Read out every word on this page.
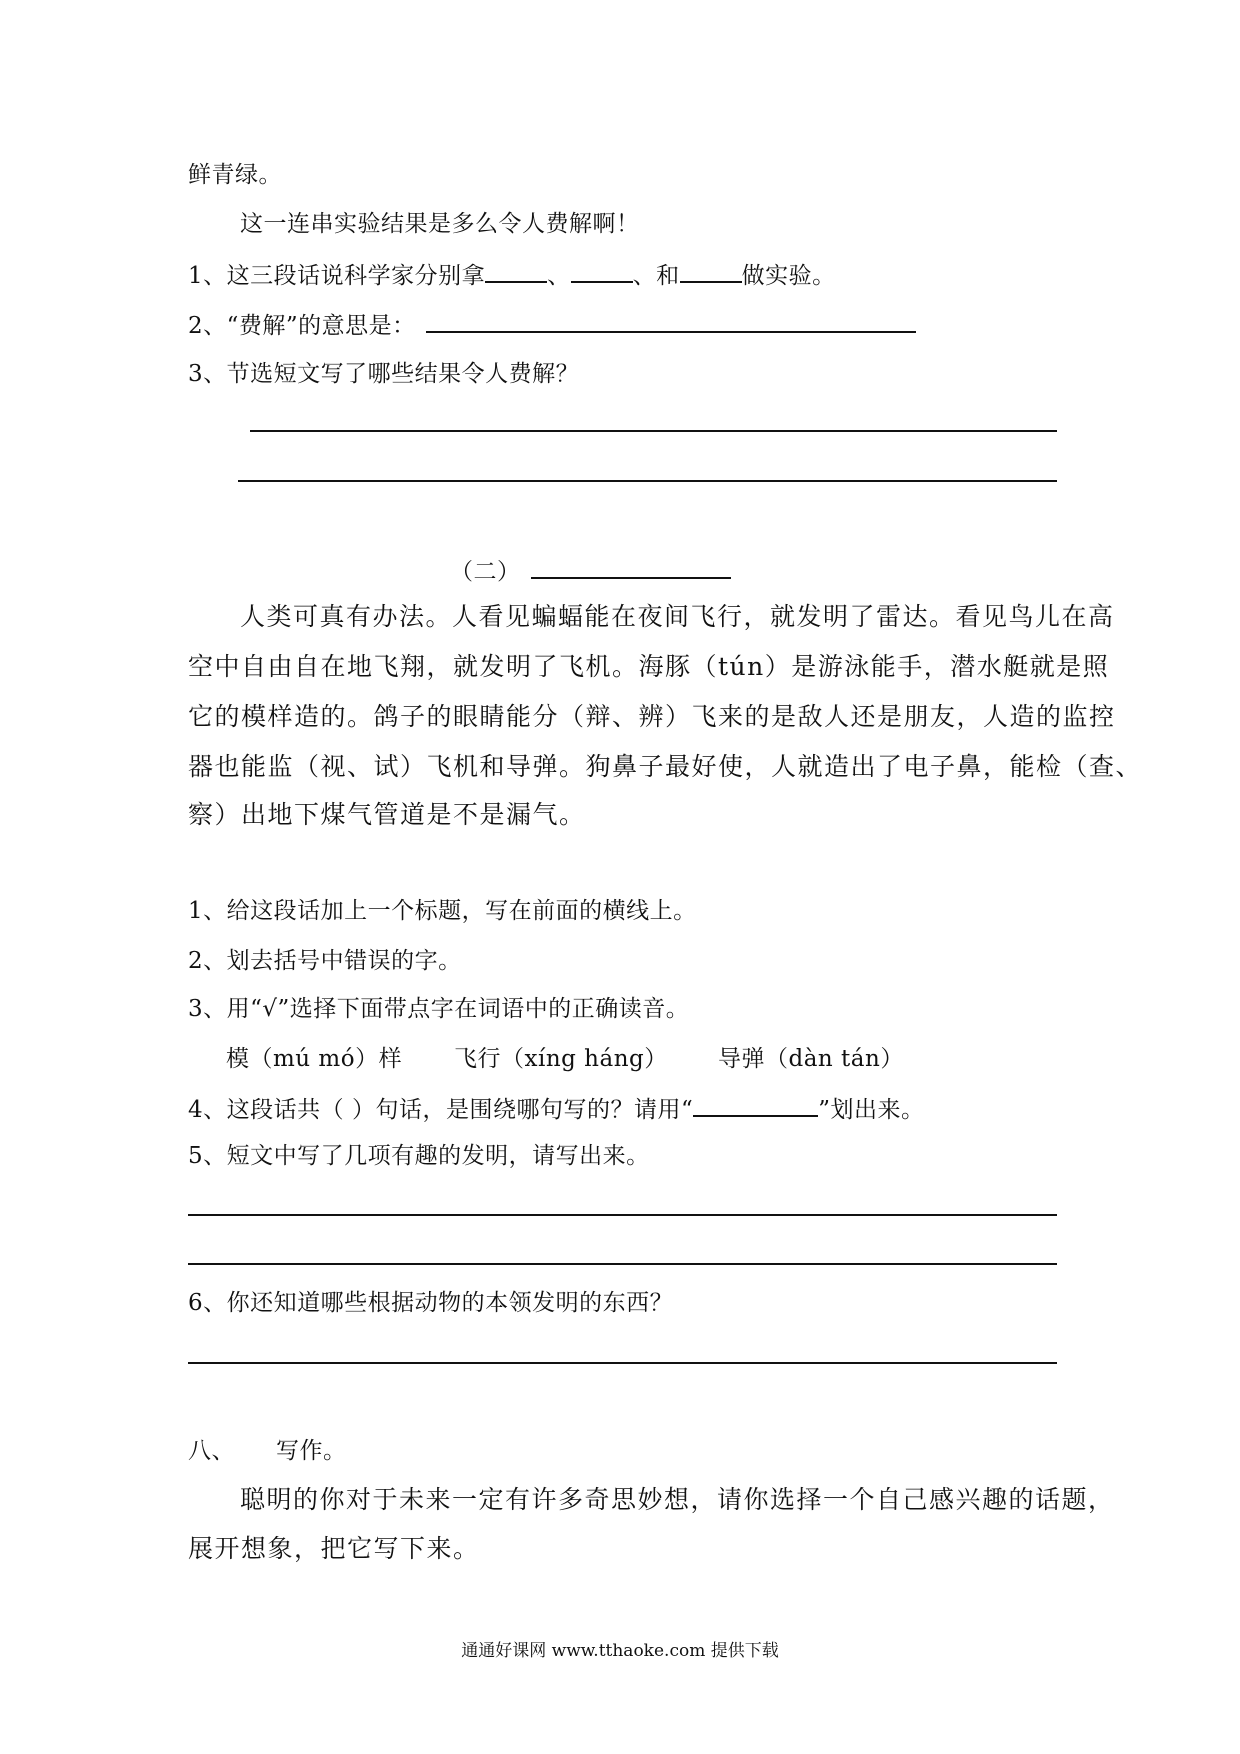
鲜青绿。
这一连串实验结果是多么令人费解啊！
1、这三段话说科学家分别拿	、	、和	做实验。
2、“费解”的意思是：
3、节选短文写了哪些结果令人费解？
（二）
人类可真有办法。人看见蝙蝠能在夜间飞行，就发明了雷达。看见鸟儿在高
空中自由自在地飞翔，就发明了飞机。海豚（tún）是游泳能手，潜水艇就是照
它的模样造的。鸽子的眼睛能分（辩、辨）飞来的是敌人还是朋友，人造的监控
器也能监（视、试）飞机和导弹。狗鼻子最好使，人就造出了电子鼻，能检（查、
察）出地下煤气管道是不是漏气。
1、给这段话加上一个标题，写在前面的横线上。
2、划去括号中错误的字。
3、用“√”选择下面带点字在词语中的正确读音。
模（mú mó）样 飞行（xíng háng） 导弹（dàn tán）
4、这段话共（ ）句话，是围绕哪句写的？请用“	”划出来。
5、短文中写了几项有趣的发明，请写出来。
6、你还知道哪些根据动物的本领发明的东西？
八、 写作。
聪明的你对于未来一定有许多奇思妙想，请你选择一个自己感兴趣的话题，
展开想象，把它写下来。
通通好课网 www.tthaoke.com 提供下载
